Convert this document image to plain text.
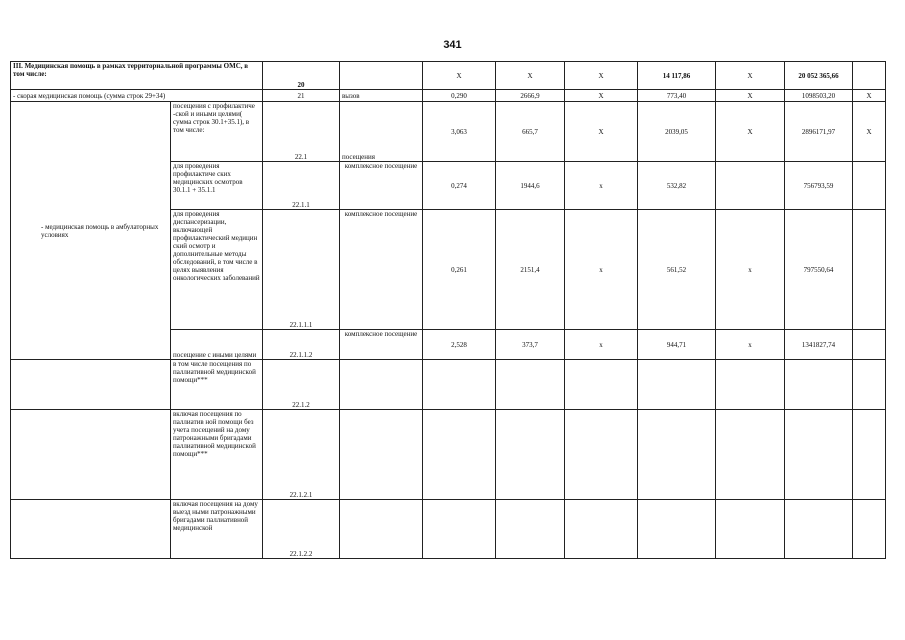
341
III. Медицинская помощь в рамках территориальной программы ОМС, в том числе:		20		Х	Х	Х	14 117,86	Х	20 052 365,66	
- скорая медицинская помощь (сумма строк 29+34)		21	вызов	0,290	2666,9	Х	773,40	Х	1098503,20	Х
- медицинская помощь в амбулаторных условиях	посещения с профилактиче -ской и иными целями( сумма строк 30.1+35.1), в том числе:	22.1	посещения	3,063	665,7	Х	2039,05	Х	2896171,97	Х
	для проведения профилактиче ских медицинских осмотров 30.1.1 + 35.1.1	22.1.1	комплексное посещение	0,274	1944,6	х	532,82		756793,59	
	для проведения диспансеризации, включающей профилактический медицин ский осмотр и дополнительные методы обследований, в том числе в целях выявления онкологических заболеваний	22.1.1.1	комплексное посещение	0,261	2151,4	х	561,52	х	797550,64	
	посещение с иными целями	22.1.1.2	комплексное посещение	2,528	373,7	х	944,71	х	1341827,74	
	в том числе посещения по паллиативной медицинской помощи***	22.1.2								
	включая посещения по паллиатив ной помощи без учета посещений на дому патронажными бригадами паллиативной медицинской помощи***	22.1.2.1								
	включая посещения на дому выезд ными патронажными бригадами паллиативной медицинской	22.1.2.2								
